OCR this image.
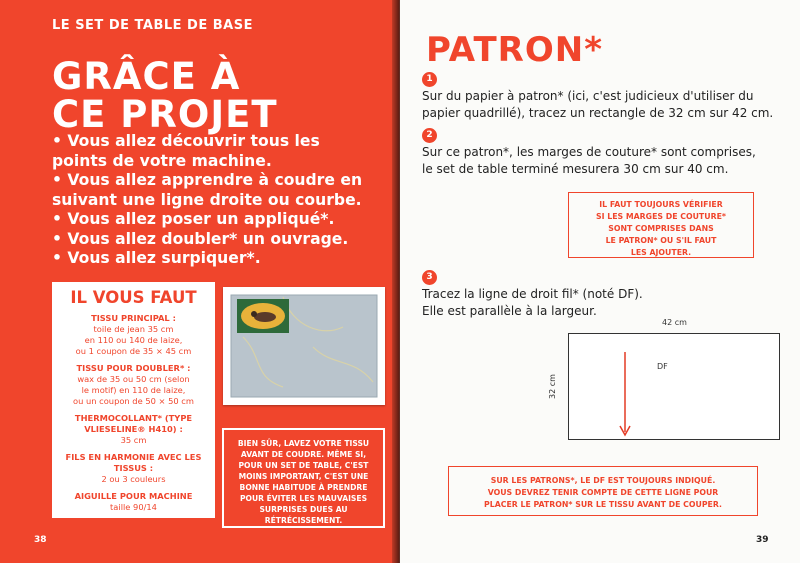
LE SET DE TABLE DE BASE
GRÂCE À
CE PROJET
• Vous allez découvrir tous les
points de votre machine.
• Vous allez apprendre à coudre en
suivant une ligne droite ou courbe.
• Vous allez poser un appliqué*.
• Vous allez doubler* un ouvrage.
• Vous allez surpiquer*.
IL VOUS FAUT
TISSU PRINCIPAL :
toile de jean 35 cm
en 110 ou 140 de laize,
ou 1 coupon de 35 × 45 cm
TISSU POUR DOUBLER* :
wax de 35 ou 50 cm (selon
le motif) en 110 de laize,
ou un coupon de 50 × 50 cm
THERMOCOLLANT* (TYPE VLIESELINE® H410) :
35 cm
FILS EN HARMONIE AVEC LES TISSUS :
2 ou 3 couleurs
AIGUILLE POUR MACHINE
taille 90/14
BIEN SÛR, LAVEZ VOTRE TISSU
AVANT DE COUDRE. MÊME SI,
POUR UN SET DE TABLE, C'EST
MOINS IMPORTANT, C'EST UNE
BONNE HABITUDE À PRENDRE
POUR ÉVITER LES MAUVAISES
SURPRISES DUES AU
RÉTRÉCISSEMENT.
38
PATRON*
1
Sur du papier à patron* (ici, c'est judicieux d'utiliser du
papier quadrillé), tracez un rectangle de 32 cm sur 42 cm.
2
Sur ce patron*, les marges de couture* sont comprises,
le set de table terminé mesurera 30 cm sur 40 cm.
IL FAUT TOUJOURS VÉRIFIER
SI LES MARGES DE COUTURE*
SONT COMPRISES DANS
LE PATRON* OU S'IL FAUT
LES AJOUTER.
3
Tracez la ligne de droit fil* (noté DF).
Elle est parallèle à la largeur.
42 cm
32 cm
DF
SUR LES PATRONS*, LE DF EST TOUJOURS INDIQUÉ.
VOUS DEVREZ TENIR COMPTE DE CETTE LIGNE POUR
PLACER LE PATRON* SUR LE TISSU AVANT DE COUPER.
39
